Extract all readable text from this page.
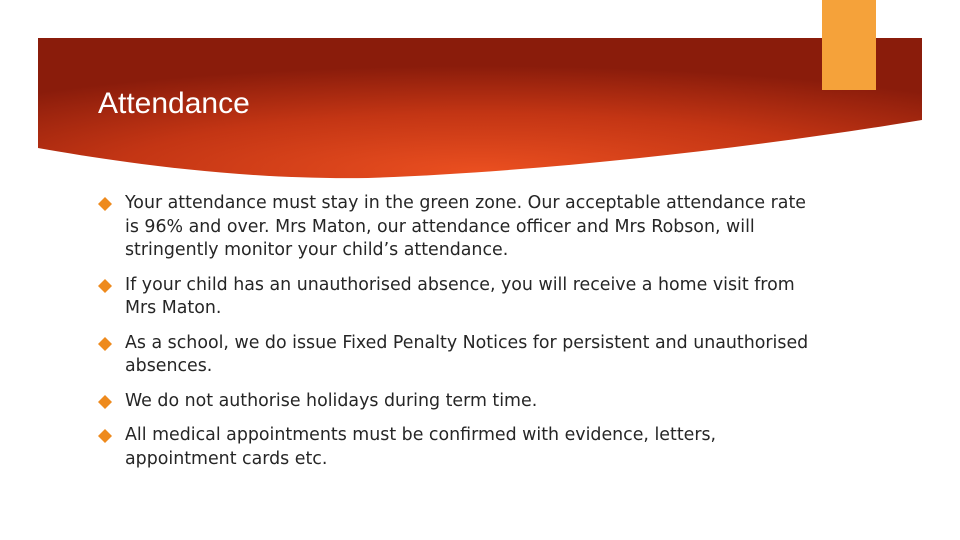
Attendance
Your attendance must stay in the green zone. Our acceptable attendance rate is 96% and over. Mrs Maton, our attendance officer and Mrs Robson, will stringently monitor your child’s attendance.
If your child has an unauthorised absence, you will receive a home visit from Mrs Maton.
As a school, we do issue Fixed Penalty Notices for persistent and unauthorised absences.
We do not authorise holidays during term time.
All medical appointments must be confirmed with evidence, letters, appointment cards etc.
